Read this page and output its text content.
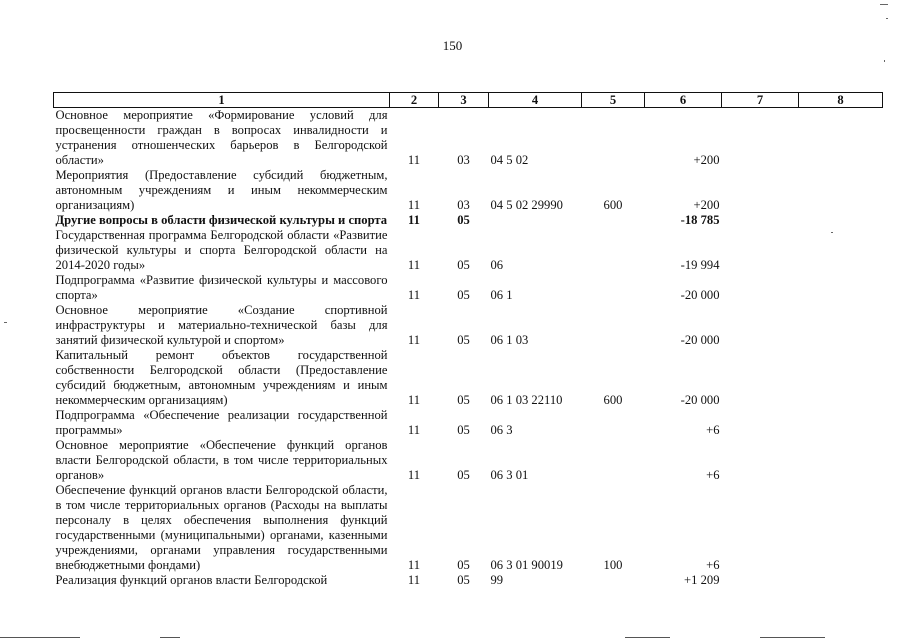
150
1	2	3	4	5	6	7	8
Основное мероприятие «Формирование условий для просвещенности граждан в вопросах инвалидности и устранения отношенческих барьеров в Белгородской области»	11	03	04 5 02		+200		
Мероприятия (Предоставление субсидий бюджетным, автономным учреждениям и иным некоммерческим организациям)	11	03	04 5 02 29990	600	+200		
Другие вопросы в области физической культуры и спорта	11	05			-18 785		
Государственная программа Белгородской области «Развитие физической культуры и спорта Белгородской области на 2014-2020 годы»	11	05	06		-19 994		
Подпрограмма «Развитие физической культуры и массового спорта»	11	05	06 1		-20 000		
Основное мероприятие «Создание спортивной инфраструктуры и материально-технической базы для занятий физической культурой и спортом»	11	05	06 1 03		-20 000		
Капитальный ремонт объектов государственной собственности Белгородской области (Предоставление субсидий бюджетным, автономным учреждениям и иным некоммерческим организациям)	11	05	06 1 03 22110	600	-20 000		
Подпрограмма «Обеспечение реализации государственной программы»	11	05	06 3		+6		
Основное мероприятие «Обеспечение функций органов власти Белгородской области, в том числе территориальных органов»	11	05	06 3 01		+6		
Обеспечение функций органов власти Белгородской области, в том числе территориальных органов (Расходы на выплаты персоналу в целях обеспечения выполнения функций государственными (муниципальными) органами, казенными учреждениями, органами управления государственными внебюджетными фондами)	11	05	06 3 01 90019	100	+6		
Реализация функций органов власти Белгородской	11	05	99		+1 209		
